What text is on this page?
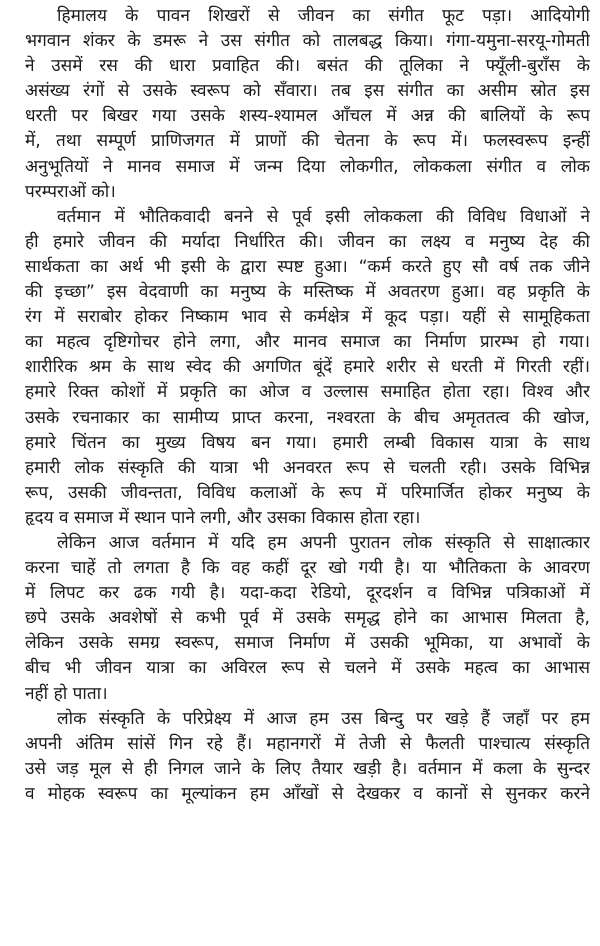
हिमालय के पावन शिखरों से जीवन का संगीत फूट पड़ा। आदियोगी
भगवान शंकर के डमरू ने उस संगीत को तालबद्ध किया। गंगा-यमुना-सरयू-गोमती
ने उसमें रस की धारा प्रवाहित की। बसंत की तूलिका ने फ्यूँली-बुराँस के
असंख्य रंगों से उसके स्वरूप को सँवारा। तब इस संगीत का असीम स्रोत इस
धरती पर बिखर गया उसके शस्य-श्यामल आँचल में अन्न की बालियों के रूप
में, तथा सम्पूर्ण प्राणिजगत में प्राणों की चेतना के रूप में। फलस्वरूप इन्हीं
अनुभूतियों ने मानव समाज में जन्म दिया लोकगीत, लोककला संगीत व लोक
परम्पराओं को।
वर्तमान में भौतिकवादी बनने से पूर्व इसी लोककला की विविध विधाओं ने
ही हमारे जीवन की मर्यादा निर्धारित की। जीवन का लक्ष्य व मनुष्य देह की
सार्थकता का अर्थ भी इसी के द्वारा स्पष्ट हुआ। “कर्म करते हुए सौ वर्ष तक जीने
की इच्छा” इस वेदवाणी का मनुष्य के मस्तिष्क में अवतरण हुआ। वह प्रकृति के
रंग में सराबोर होकर निष्काम भाव से कर्मक्षेत्र में कूद पड़ा। यहीं से सामूहिकता
का महत्व दृष्टिगोचर होने लगा, और मानव समाज का निर्माण प्रारम्भ हो गया।
शारीरिक श्रम के साथ स्वेद की अगणित बूंदें हमारे शरीर से धरती में गिरती रहीं।
हमारे रिक्त कोशों में प्रकृति का ओज व उल्लास समाहित होता रहा। विश्व और
उसके रचनाकार का सामीप्य प्राप्त करना, नश्वरता के बीच अमृततत्व की खोज,
हमारे चिंतन का मुख्य विषय बन गया। हमारी लम्बी विकास यात्रा के साथ
हमारी लोक संस्कृति की यात्रा भी अनवरत रूप से चलती रही। उसके विभिन्न
रूप, उसकी जीवन्तता, विविध कलाओं के रूप में परिमार्जित होकर मनुष्य के
हृदय व समाज में स्थान पाने लगी, और उसका विकास होता रहा।
लेकिन आज वर्तमान में यदि हम अपनी पुरातन लोक संस्कृति से साक्षात्कार
करना चाहें तो लगता है कि वह कहीं दूर खो गयी है। या भौतिकता के आवरण
में लिपट कर ढक गयी है। यदा-कदा रेडियो, दूरदर्शन व विभिन्न पत्रिकाओं में
छपे उसके अवशेषों से कभी पूर्व में उसके समृद्ध होने का आभास मिलता है,
लेकिन उसके समग्र स्वरूप, समाज निर्माण में उसकी भूमिका, या अभावों के
बीच भी जीवन यात्रा का अविरल रूप से चलने में उसके महत्व का आभास
नहीं हो पाता।
लोक संस्कृति के परिप्रेक्ष्य में आज हम उस बिन्दु पर खड़े हैं जहाँ पर हम
अपनी अंतिम सांसें गिन रहे हैं। महानगरों में तेजी से फैलती पाश्चात्य संस्कृति
उसे जड़ मूल से ही निगल जाने के लिए तैयार खड़ी है। वर्तमान में कला के सुन्दर
व मोहक स्वरूप का मूल्यांकन हम आँखों से देखकर व कानों से सुनकर करने
